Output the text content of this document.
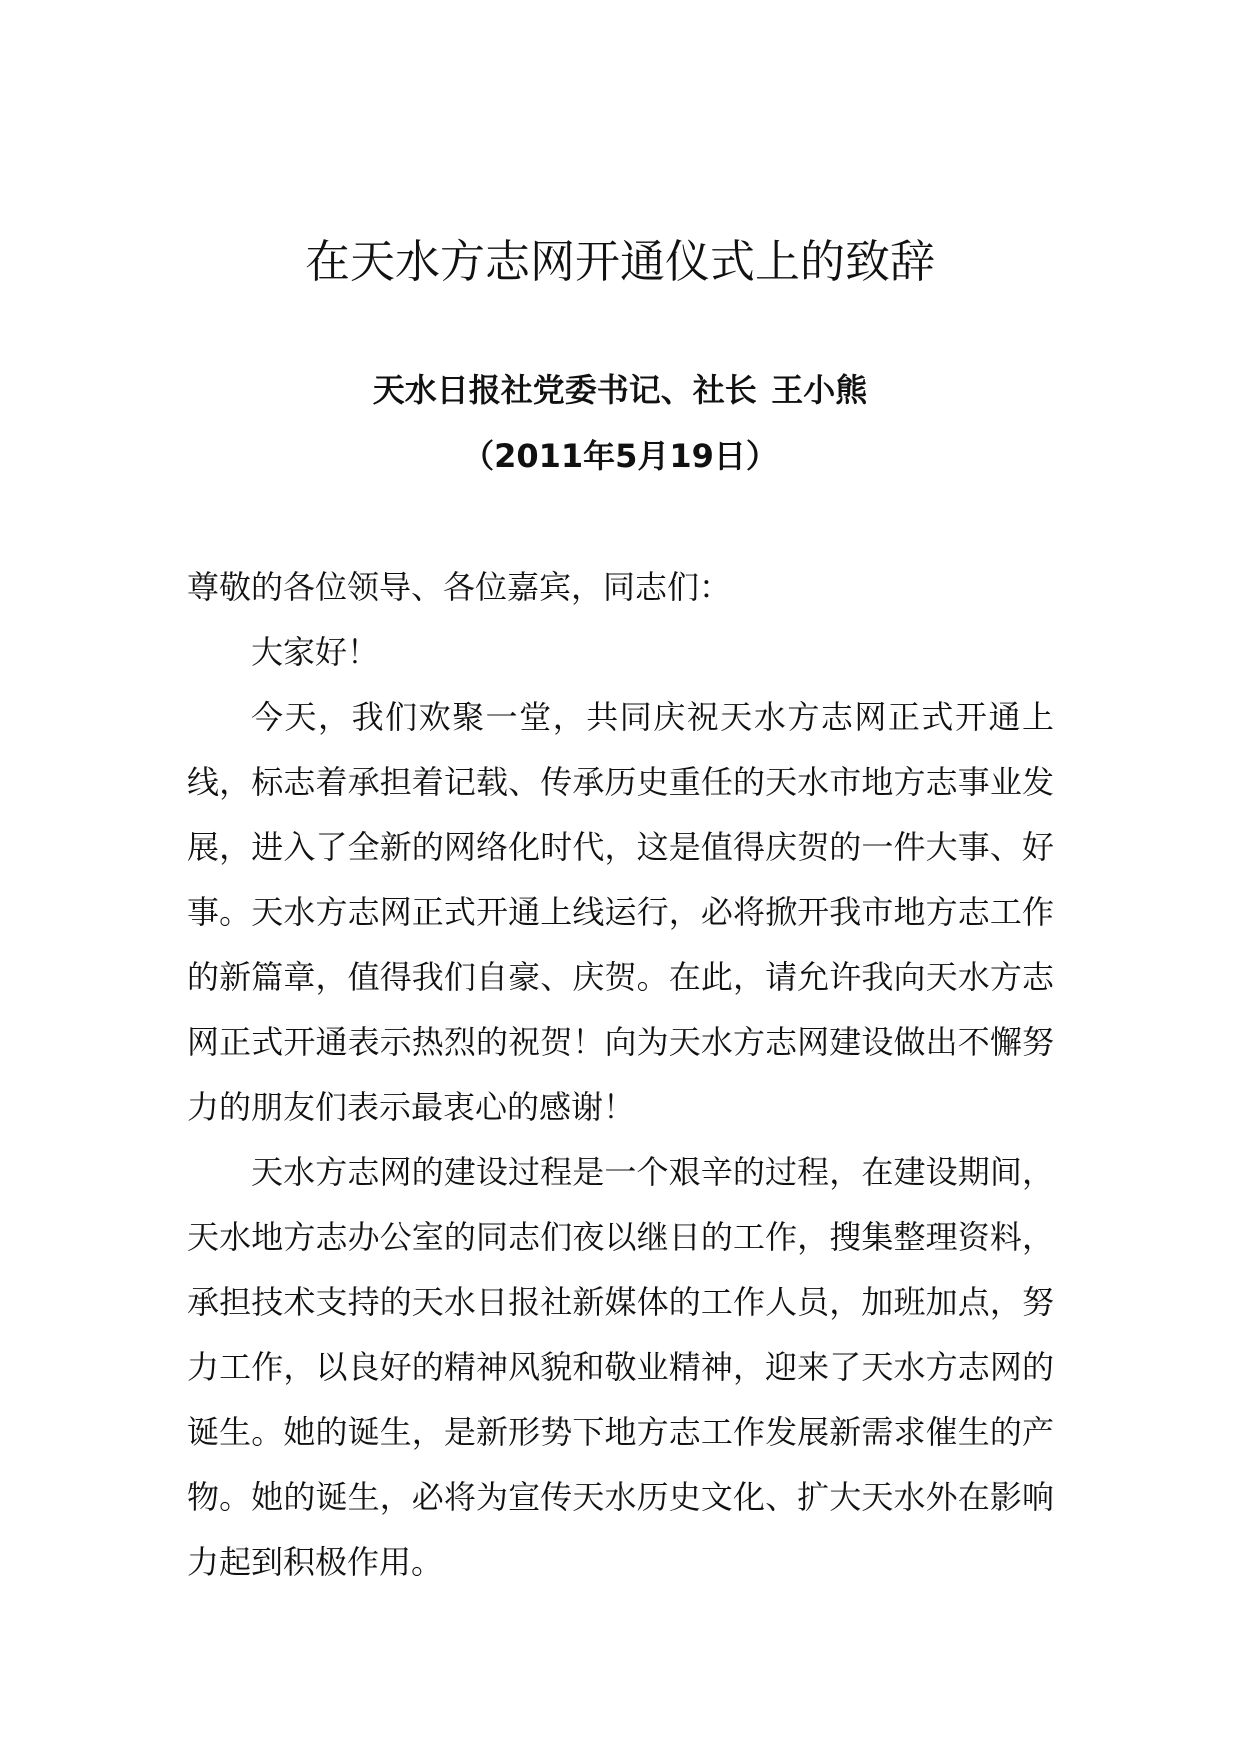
在天水方志网开通仪式上的致辞
天水日报社党委书记、社长 王小熊
（2011年5月19日）

尊敬的各位领导、各位嘉宾，同志们：

大家好！

今天，我们欢聚一堂，共同庆祝天水方志网正式开通上线，标志着承担着记载、传承历史重任的天水市地方志事业发展，进入了全新的网络化时代，这是值得庆贺的一件大事、好事。天水方志网正式开通上线运行，必将掀开我市地方志工作的新篇章，值得我们自豪、庆贺。在此，请允许我向天水方志网正式开通表示热烈的祝贺！向为天水方志网建设做出不懈努力的朋友们表示最衷心的感谢！

天水方志网的建设过程是一个艰辛的过程，在建设期间，天水地方志办公室的同志们夜以继日的工作，搜集整理资料，承担技术支持的天水日报社新媒体的工作人员，加班加点，努力工作，以良好的精神风貌和敬业精神，迎来了天水方志网的诞生。她的诞生，是新形势下地方志工作发展新需求催生的产物。她的诞生，必将为宣传天水历史文化、扩大天水外在影响力起到积极作用。
